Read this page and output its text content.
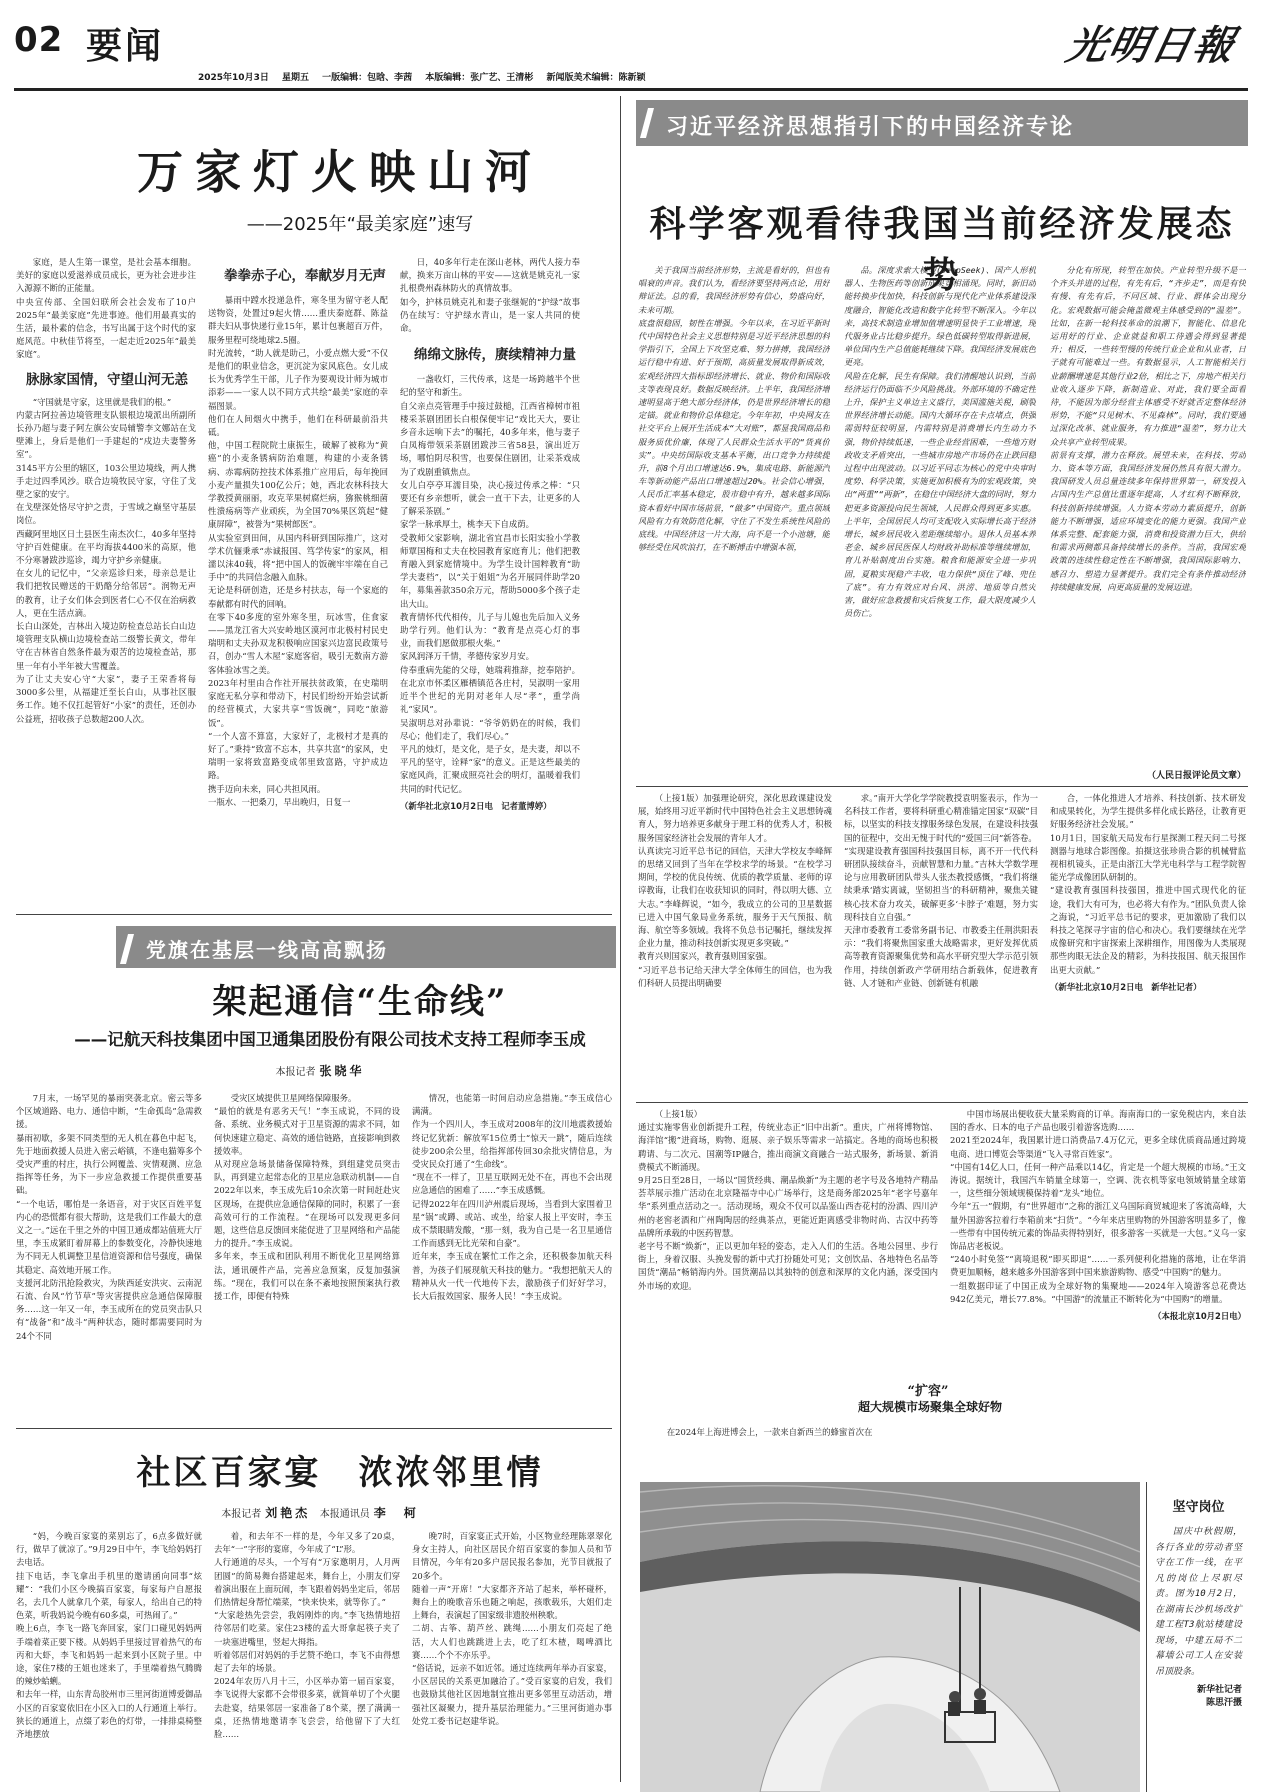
02 要闻
2025年10月3日 星期五 一版编辑：包晗、李茜 本版编辑：张广艺、王清彬 新闻版美术编辑：陈新颖
光明日報
万家灯火映山河
——2025年“最美家庭”速写
家庭，是人生第一课堂，是社会基本细胞。美好的家庭以爱滋养成员成长，更为社会进步注入源源不断的正能量。
中央宣传部、全国妇联所会社会发布了10户2025年“最美家庭”先进事迹。他们用最真实的生活，最朴素的信念，书写出属于这个时代的家庭风范。中秋佳节将至，一起走近2025年“最美家庭”。
脉脉家国情，守望山河无恙
“守国就是守家，这里就是我们的根。”
内蒙古阿拉善边境管理支队银根边境派出所副所长孙乃超与妻子阿左旗公安局辅警李文娜站在戈壁滩上，身后是他们一手建起的“戍边夫妻警务室”。
3145平方公里的辖区，103公里边境线，两人携手走过四季风沙。联合边境牧民守家，守住了戈壁之家的安宁。
在戈壁深处恪尽守护之责，于雪域之巅坚守基层岗位。
西藏阿里地区日土县医生南杰次仁，40多年坚持守护百姓健康。在平均海拔4400米的高原，他不分寒暑跋涉巡诊，竭力守护乡亲健康。
在女儿的记忆中，“父亲巡诊归来，母亲总是让我们把牧民赠送的干奶酪分给邻居”。润物无声的教育，让子女们体会到医者仁心不仅在治病救人，更在生活点滴。
长白山深处，吉林出入境边防检查总站长白山边境管理支队横山边境检查站二级警长黄文，带年守在吉林省自然条件最为艰苦的边境检查站，那里一年有小半年被大雪覆盖。
为了让丈夫安心守“大家”，妻子王荣香将每3000多公里，从福建迁至长白山，从事社区服务工作。她不仅扛起管好“小家”的责任，还创办公益班，招收孩子总数超200人次。
拳拳赤子心，奉献岁月无声
暴雨中蹚水投递急件，寒冬里为留守老人配送物资，处置过9起火情……重庆秦庭群、陈益群夫妇从事快递行业15年，累计包裹超百万件，服务里程可绕地球2.5圈。
时光流转，“助人就是助己，小爱点燃大爱”不仅是他们的职业信念，更沉淀为家风底色。女儿成长为优秀学生干部，儿子作为要观设计师为城市添彩——一家人以不同方式共绘“最美”家庭的幸福图景。
他们在人间烟火中携手，他们在科研最前沿共砥。
他，中国工程院院士康振生，破解了被称为“黄癌”的小麦条锈病防治难题，构建的小麦条锈病、赤霉病防控技术体系推广应用后，每年挽回小麦产量损失100亿公斤；她，西北农林科技大学教授黄丽丽，攻克苹果树腐烂病，猕猴桃细菌性溃疡病等产业顽疾，为全国70%果区筑起“健康屏障”，被誉为“果树郎医”。
从实验室到田间，从国内科研到国际推广，这对学术伉俪秉承“赤诚报国、笃学传家”的家风，相濡以沫40载，将“把中国人的饭碗牢牢端在自己手中”的共同信念融入血脉。
无论是科研创造，还是乡村扶志，每一个家庭的奉献都有时代的回响。
在零下40多度的室外寒冬里，玩冰雪，住食家——黑龙江省大兴安岭地区漠河市北极村村民史瑞明和丈夫孙双龙积极响应国家兴边富民政策号召，创办“雪人木屋”家庭客宿，吸引无数南方游客体验冰雪之美。
2023年村里由合作社开展扶贫政策，在史瑞明家庭无私分享和带动下，村民们纷纷开始尝试新的经营模式，大家共享“雪饭碗”，同吃“旅游饭”。
“一个人富不算富，大家好了，北极村才是真的好了。”秉持“致富不忘本，共享共富”的家风，史瑞明一家将致富路变成邻里致富路，守护成边路。
携手迈向未来，同心共担风雨。
一瓶水、一把桑刀，早出晚归，日复一
日，40多年行走在深山老林，两代人接力奉献，换来万亩山林的平安——这就是姚克礼一家扎根费州森林防火的真情故事。
如今，护林员姚克礼和妻子张继妮的“护绿”故事仍在续写：守护绿水青山，是一家人共同的使命。
绵绵文脉传，赓续精神力量
一盏收灯，三代传承，这是一场跨越半个世纪的坚守和新生。
自父亲点亮管理手中接过鼓槌，江西省樟树市祖楼采茶剧团团长白根保便牢记“戏比天大，要让乡音永远响下去”的嘱托，40多年来，他与妻子白凤梅带领采茶剧团跋涉三省58县，演出近万场，哪怕阴尽积雪，也要保住剧团，让采茶戏成为了戏剧重镇焦点。
女儿白亭亭耳濡目染，决心接过传承之棒：“只要还有乡亲想听，就会一直干下去，让更多的人了解采茶剧。”
家学一脉承厚土，桃李天下自成荫。
受教师父家影响，湖北省宜昌市长阳实验小学教师覃国梅和丈夫在校园教育家庭育儿；他们把教育融入到家庭情境中。为学生设计国粹教育“助学夫妻档”，以“关于姐姐”为名开展同伴助学20年，募集善款350余万元，帮助5000多个孩子走出大山。
教育情怀代代相传，儿子与儿媳也先后加入义务助学行列。他们认为：“教育是点亮心灯的事业，而我们愿做那根火柴。”
家风润泽万千情，孝德传家岁月安。
侍奉重病先能的父母，她瑞莉推辞，挖奉陪护。在北京市怀柔区雁栖镇范各庄村，吴淑明一家用近半个世纪的光阴对老年人尽“孝”，重学尚礼“家风”。
吴淑明总对孙辈说：“爷爷奶奶在的时候，我们尽心；他们走了，我们尽心。”
平凡的烛灯，是文化，是子女，是夫妻，却以不平凡的坚守，诠释“家”的意义。正是这些最美的家庭风尚，汇聚成照亮社会的明灯，温暖着我们共同的时代记忆。
（新华社北京10月2日电　记者董博婷）
习近平经济思想指引下的中国经济专论
科学客观看待我国当前经济发展态势
关于我国当前经济形势，主流是看好的，但也有唱衰的声音。我们认为，看经济要坚持两点论，用好辩证法。总的看，我国经济形势有信心，势盛向好，未来可期。
底盘很稳固，韧性在增强。今年以来，在习近平新时代中国特色社会主义思想特别是习近平经济思想的科学指引下，全国上下攻坚克难、努力拼搏，我国经济运行稳中有进、好于预期，高质量发展取得新成效，宏观经济四大指标即经济增长、就业、物价和国际收支等表现良好。数据反映经济。上半年，我国经济增速明显高于绝大部分经济体，仍是世界经济增长的稳定锚。就业和物价总体稳定。今年年初，中央网友在社交平台上展开生活成本“大对账”，都显我国商品和服务质优价廉，体现了人民群众生活水平的“货真价实”。中央纺国际收支基本平衡，出口竞争力持续提升，前8个月出口增速达6.9%，集成电路、新能源汽车等新动能产品出口增速超过20%。社会信心增强，人民币汇率基本稳定，股市稳中有升，越来越多国际资本看好中国市场前景，“做多”中国资产。重点领域风险有力有效防范化解，守住了不发生系统性风险的底线。中国经济这一片大海，向不是一个小池塘，能够经受住风吹浪打，在不断搏击中增强本领，
品。深度求索大模型(DeepSeek)、国产人形机器人、生物医药等创新成果竞相涌现。同时，新旧动能转换步伐加快，科技创新与现代化产业体系建设深度融合，智能化改造和数字化转型不断深入。今年以来，高技术制造业增加值增速明显快于工业增速，现代服务业占比稳步提升。绿色低碳转型取得新进展，单位国内生产总值能耗继续下降。我国经济发展底色更亮。
风险在化解，民生有保障。我们清醒地认识到，当前经济运行仍面临不少风险挑战。外部环境的不确定性上升，保护主义单边主义盛行，美国滥施关税，刷裂世界经济增长动能。国内大循环存在卡点堵点，供强需弱特征较明显，内需特别是消费增长内生动力不强，物价持续低迷，一些企业经营困难，一些地方财政收支矛盾突出，一些城市房地产市场仍在止跌回稳过程中出现波动。以习近平同志为核心的党中央审时度势、科学决策，实施更加积极有为的宏观政策，突出“两重”“两新”，在稳住中国经济大盘的同时，努力把更多资源投向民生领域，人民群众得到更多实惠。上半年，全国居民人均可支配收入实际增长高于经济增长，城乡居民收入差距继续缩小。退休人员基本养老金、城乡居民医保人均财政补助标准等继续增加，育儿补贴制度出台实施。粮食和能源安全进一步巩固，夏粮实现稳产丰收，电力保供“顶住了峰、兜住了底”。有力有效应对台风、洪涝、地质等自然灾害，做好应急救援和灾后恢复工作，最大限度减少人员伤亡。
分化有所现，转型在加快。产业转型升级不是一个齐头并进的过程，有先有后，“齐步走”，而是有快有慢、有先有后，不同区域、行业、群体会出现分化。宏观数据可能会掩盖微观主体感受到的“温差”。比如，在新一轮科技革命的浪潮下，智能化、信息化运用好的行业、企业就益和职工待遇会得到显著提升；相反，一些转型慢的传统行业企业和从业者，日子就有可能难过一些。有数据显示，人工智能相关行业薪酬增速是其他行业2倍，相比之下，房地产相关行业收入逐步下降，新制造业、对此，我们要全面看待，不能因为部分经营主体感受不好就否定整体经济形势，不能“只见树木、不见森林”。同时，我们要通过深化改革、就业服务，有力推进“温差”，努力让大众共享产业转型成果。
前景有支撑，潜力在释放。展望未来，在科技、劳动力、资本等方面，我国经济发展仍然具有很大潜力。我国研发人员总量连续多年保持世界第一，研发投入占国内生产总值比重逐年提高，人才红利不断释放，科技创新持续增强。人力资本劳动力素质提升，创新能力不断增强，适应环境变化的能力更强。我国产业体系完整、配套能力强，消费和投资潜力巨大，供给和需求两侧都具备持续增长的条件。当前，我国宏观政策的连续性稳定性在不断增强，我国国际影响力、感召力、塑造力显著提升。我们完全有条件推动经济持续健康发展，向更高质量的发展迈进。
（人民日报评论员文章）
（上接1版）加强理论研究，深化思政课建设发展，始终用习近平新时代中国特色社会主义思想铸魂育人，努力培养更多献身于理工科的优秀人才，积极服务国家经济社会发展的青年人才。
认真读完习近平总书记的回信，天津大学校友李峰辉的思绪又回到了当年在学校求学的场景。“在校学习期间，学校的优良传统、优质的教学质量、老师的谆谆教诲，让我们在收获知识的同时，得以明大德、立大志。”李峰辉说，“如今，我成立的公司的卫星数据已进入中国气象局业务系统，服务于天气预报、航海、航空等多领域。我将不负总书记嘱托，继续发挥企业力量，推动科技创新实现更多突破。”
教育兴则国家兴，教育强则国家强。
“习近平总书记给天津大学全体师生的回信，也为我们科研人员提出明确要
求。”南开大学化学学院教授袁明鉴表示，作为一名科技工作者，要将科研重心精准锚定国家“双碳”目标，以坚实的科技支撑服务绿色发展，在建设科技强国的征程中，交出无愧于时代的“爱国三问”新答卷。
“实现建设教育强国科技强国目标，离不开一代代科研团队接续奋斗，贡献智慧和力量。”吉林大学数学理论与应用教研团队带头人张杰教授感慨，“我们将继续秉承‘踏实离诚，坚韧担当’的科研精神，聚焦关键核心技术奋力攻关，破解更多‘卡脖子’难题，努力实现科技自立自强。”
天津市委教育工委常务副书记、市教委主任荆洪阳表示：“我们将聚焦国家重大战略需求，更好发挥优质高等教育资源聚集优势和高水平研究型大学示范引领作用，持续创新政产学研用结合新载体，促进教育链、人才链和产业链、创新链有机融
合，一体化推进人才培养、科技创新、技术研发和成果转化，为学生提供多样化成长路径，让教育更好服务经济社会发展。”
10月1日，国家航天局发布行星探测工程天问二号探测器与地球合影图像。拍摄这张珍贵合影的机械臂监视相机镜头，正是由浙江大学光电科学与工程学院智能光学成像团队研制的。
“建设教育强国科技强国，推进中国式现代化的征途，我们大有可为，也必将大有作为。”团队负责人徐之海说，“习近平总书记的要求，更加激励了我们以科技之笔探寻宇宙的信心和决心。我们要继续在光学成像研究和宇宙探索上深耕细作，用图像为人类展现那些肉眼无法企及的精彩，为科技报国、航天报国作出更大贡献。”
（新华社北京10月2日电　新华社记者）
（上接1版）
通过实施零售业创新提升工程，传统业态正“旧中出新”。重庆，广州将博物馆、海洋馆“搬”进商场，购物、逛展、亲子娱乐等需求一站搞定。各地的商场也积极聘请、与二次元、国潮等IP融合，推出商演文商融合一站式服务，新场景、新消费模式不断涌现。
9月25日至28日，一场以“国货经典、潮品焕新”为主题的老字号及各地特产精品荟萃展示推广活动在北京隆福寺中心广场举行，这是商务部2025年“老字号嘉年华”系列重点活动之一。活动现场，观众不仅可以品鉴山西杏花村的汾酒、四川泸州的老窖老酒和广州陶陶居的经典茶点，更能近距离感受非物时尚、古汉中药等品牌所承载的中医药智慧。
老字号不断“焕新”，正以更加年轻的姿态，走入人们的生活。各地公园里、步行街上，身着汉服、头挽发髻的新中式打扮随处可见；文创饮品、各地特色名品等国货“潮品”畅销海内外。国货潮品以其独特的创意和深厚的文化内涵，深受国内外市场的欢迎。
中国市场展出便收获大量采购商的订单。海南海口的一家免税店内，来自法国的香水、日本的电子产品也吸引着游客选购……
2021至2024年，我国累计进口消费品7.4万亿元，更多全球优质商品通过跨境电商、进口博览会等渠道“飞入寻常百姓家”。
“中国有14亿人口，任何一种产品乘以14亿，肯定是一个超大规模的市场。”王文涛说。据统计，我国汽车销量全球第一，空调、洗衣机等家电领域销量全球第一，这些细分领域规模保持着“龙头”地位。
今年“五一”假期，有“世界超市”之称的浙江义乌国际商贸城迎来了客流高峰，大量外国游客拉着行李箱前来“扫货”。“今年来店里购物的外国游客明显多了，像一些带有中国传统元素的饰品卖得特别好，很多游客一买就是一大包。”义乌一家饰品店老板说。
“240小时免签”“离境退税”即买即退”……一系列便利化措施的落地，让在华消费更加顺畅，越来越多外国游客到中国来旅游购物、感受“中国购”的魅力。
一组数据印证了中国正成为全球好物的集聚地——2024年入境游客总花费达942亿美元，增长77.8%。“中国游”的流量正不断转化为“中国购”的增量。
（本报北京10月2日电）
“扩容”
超大规模市场聚集全球好物
在2024年上海进博会上，一款来自新西兰的蜂蜜首次在
党旗在基层一线高高飘扬
架起通信“生命线”
——记航天科技集团中国卫通集团股份有限公司技术支持工程师李玉成
本报记者 张晓华
7月末，一场罕见的暴雨突袭北京。密云等多个区域道路、电力、通信中断，“生命孤岛”急需救援。
暴雨初歇，多架不同类型的无人机在暮色中起飞，先于地面救援人员进入密云峪镇，不逢电猫筹多个受灾严重的村庄，执行公网覆盖、灾情观测、应急指挥等任务，为下一步应急救援工作提供重要基础。
“一个电话，哪怕是一条语音，对于灾区百姓平复内心的恐慌都有很大帮助，这是我们工作最大的意义之一。”远在千里之外的中国卫通成都站值班大厅里，李玉成紧盯着屏幕上的参数变化，冷静快速地为不同无人机调整卫星信道资源和信号强度，确保其稳定、高效地开展工作。
支援河北防汛抢险救灾，为陕西延安洪灾、云南泥石流、台风“竹节草”等灾害提供应急通信保障服务……这一年又一年，李玉成所在的党员突击队只有“战备”和“战斗”两种状态，随时都需要同时为24个不同
受灾区域提供卫星网络保障服务。
“最怕的就是有恶劣天气！”李玉成说，不同的设备、系统、业务模式对于卫星资源的需求不同，如何快速建立稳定、高效的通信链路，直接影响到救援效率。
从对现应急场景储备保障特殊，到组建党员突击队，再到建立起常态化的卫星应急联动机制——自2022年以来，李玉成先后10余次第一时间赶赴灾区现场，在提供应急通信保障的同时，积累了一套高效可行的工作流程。“在现场可以发现更多问题，这些信息反馈回来能促进了卫星网络和产品能力的提升。”李玉成说。
多年来，李玉成和团队利用不断优化卫星网络算法，通讯硬件产品，完善应急预案，反复加强演练。“现在，我们可以在条不紊地按照预案执行救援工作，即便有特殊
情况，也能第一时间启动应急措施。”李玉成信心满满。
作为一个四川人，李玉成对2008年的汶川地震救援始终记忆犹新：解放军15位勇士“惊天一跳”，随后连续徒步200余公里，给指挥部传回30余批灾情信息，为受灾民众打通了“生命线”。
“现在不一样了，卫星互联网无处不在，再也不会出现应急通信的困难了……”李玉成感慨。
记得2022年在四川泸州震后现场，当看到大家围着卫星“锅”或蹲、或站、或坐，给家人报上平安时，李玉成不禁眼睛发酸，“那一刻，我为自己是一名卫星通信工作而感到无比光荣和自豪”。
近年来，李玉成在繁忙工作之余，还积极参加航天科普，为孩子们展现航天科技的魅力。“我想把航天人的精神从火一代一代地传下去，激励孩子们好好学习，长大后报效国家、服务人民！”李玉成说。
社区百家宴　浓浓邻里情
本报记者 刘艳杰 本报通讯员 李　柯
“妈，今晚百家宴的菜别忘了，6点多做好就行，做早了就凉了。”9月29日中午，李飞给妈妈打去电话。
挂下电话，李飞拿出手机里的邀请函向同事“炫耀”：“我们小区今晚搞百家宴，每家每户自愿报名，去几个人就拿几个菜，每家人，给出自己的特色菜，听我妈说今晚有60多桌，可热闹了。”
晚上6点，李飞一路飞奔回家，家门口碰见妈妈两手端着菜正要下楼。从妈妈手里接过冒着热气的布丙和大虾，李飞和妈妈一起来到小区院子里。中途，家住7楼的王姐也迷来了，手里端着热气腾腾的辣炒蛤蜊。
和去年一样，山东青岛胶州市三里河街道博爱御品小区的百家宴依旧在小区入口的人行通道上举行。狭长的通道上，点缀了彩色的灯带，一排排桌椅整齐地摆放
着，和去年不一样的是，今年又多了20桌，去年“一”字形的宴席，今年成了“L”形。
人行通道的尽头，一个写有“万家邀明月，人月两团圆”的简易舞台搭建起来，舞台上，小朋友们穿着演出服在上面玩闹，李飞跟着妈妈坐定后，邻居们热情起身帮忙端菜，“快来快来，就等你了。”
“大家趁热先尝尝，我妈刚炸的肉。”李飞热情地招待邻居们吃菜。家住23楼的孟大哥拿起筷子夹了一块塞进嘴里，竖起大拇指。
听着邻居们对妈妈的手艺赞不绝口，李飞不由得想起了去年的场景。
2024年农历八月十三，小区举办第一届百家宴，李飞说得大家都不会带很多菜，就简单切了个火腿去赴宴，结果邻居一家准备了8个菜，摆了满满一桌，还热情地邀请李飞尝尝，给他留下了大红脸……
晚7时，百家宴正式开始，小区物业经理陈翠翠化身女主持人，向社区居民介绍百家宴的参加人员和节目情况，今年有20多户居民报名参加，光节目就报了20多个。
随着一声“开席！”大家都齐齐站了起来，举杯碰杯，舞台上的晚歌音乐也随之响起，孩歌载乐，大姐们走上舞台，表演起了国家级非遗胶州秧歌。
二胡、古筝、葫芦丝、跳绳……小朋友们亮起了绝活，大人们也跳跳进上去，吃了红木楂，喝啤酒比赛……个个不亦乐乎。
“俗话说，远亲不如近邻。通过连续两年举办百家宴，小区居民的关系更加融洽了。”受百家宴的启发，我们也鼓励其他社区因地制宜推出更多邻里互动活动，增强社区凝聚力，提升基层治理能力。”三里河街道办事处党工委书记赵建华说。
坚守岗位
国庆中秋假期，各行各业的劳动者坚守在工作一线，在平凡的岗位上尽职尽责。图为10月2日，在湖南长沙机场改扩建工程T3航站楼建设现场，中建五局不二幕墙公司工人在安装吊顶股条。
新华社记者
陈思汗摄
